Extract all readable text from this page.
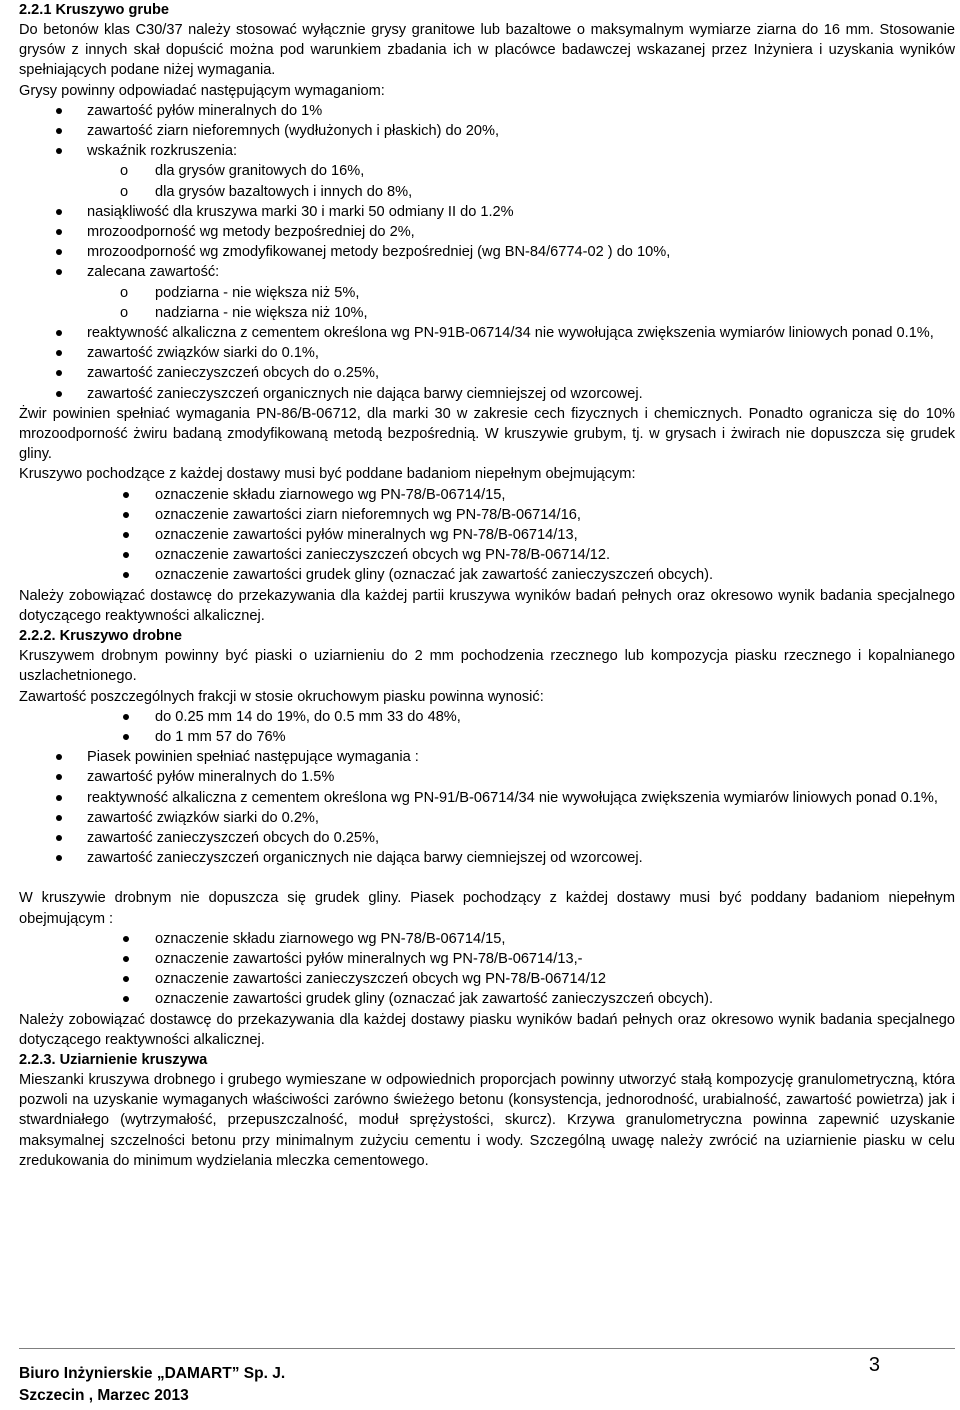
2.2.1 Kruszywo grube

Do betonów klas C30/37 należy stosować wyłącznie grysy granitowe lub bazaltowe o maksymalnym wymiarze ziarna do 16 mm. Stosowanie grysów z innych skał dopuścić można pod warunkiem zbadania ich w placówce badawczej wskazanej przez Inżyniera i uzyskania wyników spełniających podane niżej wymagania.

Grysy powinny odpowiadać następującym wymaganiom:

zawartość pyłów mineralnych do 1%
zawartość ziarn nieforemnych (wydłużonych i płaskich) do 20%,
wskaźnik rozkruszenia:
o dla grysów granitowych do 16%,
o dla grysów bazaltowych i innych do 8%,
nasiąkliwość dla kruszywa marki 30 i marki 50 odmiany II do 1.2%
mrozoodporność wg metody bezpośredniej do 2%,
mrozoodporność wg zmodyfikowanej metody bezpośredniej (wg BN-84/6774-02 ) do 10%,
zalecana zawartość:
o podziarna - nie większa niż 5%,
o nadziarna - nie większa niż 10%,
reaktywność alkaliczna z cementem określona wg PN-91B-06714/34 nie wywołująca zwiększenia wymiarów liniowych ponad 0.1%,
zawartość związków siarki do 0.1%,
zawartość zanieczyszczeń obcych do o.25%,
zawartość zanieczyszczeń organicznych nie dająca barwy ciemniejszej od wzorcowej.

Żwir powinien spełniać wymagania PN-86/B-06712, dla marki 30 w zakresie cech fizycznych i chemicznych. Ponadto ogranicza się do 10% mrozoodporność żwiru badaną zmodyfikowaną metodą bezpośrednią. W kruszywie grubym, tj. w grysach i żwirach nie dopuszcza się grudek gliny.

Kruszywo pochodzące z każdej dostawy musi być poddane badaniom niepełnym obejmującym:

oznaczenie składu ziarnowego wg PN-78/B-06714/15,
oznaczenie zawartości ziarn nieforemnych wg PN-78/B-06714/16,
oznaczenie zawartości pyłów mineralnych wg PN-78/B-06714/13,
oznaczenie zawartości zanieczyszczeń obcych wg PN-78/B-06714/12.
oznaczenie zawartości grudek gliny (oznaczać jak zawartość zanieczyszczeń obcych).

Należy zobowiązać dostawcę do przekazywania dla każdej partii kruszywa wyników badań pełnych oraz okresowo wynik badania specjalnego dotyczącego reaktywności alkalicznej.

2.2.2. Kruszywo drobne

Kruszywem drobnym powinny być piaski o uziarnieniu do 2 mm pochodzenia rzecznego lub kompozycja piasku rzecznego i kopalnianego uszlachetnionego.

Zawartość poszczególnych frakcji w stosie okruchowym piasku powinna wynosić:

do 0.25 mm 14 do 19%, do 0.5 mm 33 do 48%,
do 1 mm 57 do 76%
Piasek powinien spełniać następujące wymagania :
zawartość pyłów mineralnych do 1.5%
reaktywność alkaliczna z cementem określona wg PN-91/B-06714/34 nie wywołująca zwiększenia wymiarów liniowych ponad 0.1%,
zawartość związków siarki do 0.2%,
zawartość zanieczyszczeń obcych do 0.25%,
zawartość zanieczyszczeń organicznych nie dająca barwy ciemniejszej od wzorcowej.

W kruszywie drobnym nie dopuszcza się grudek gliny. Piasek pochodzący z każdej dostawy musi być poddany badaniom niepełnym obejmującym :

oznaczenie składu ziarnowego wg PN-78/B-06714/15,
oznaczenie zawartości pyłów mineralnych wg PN-78/B-06714/13,-
oznaczenie zawartości zanieczyszczeń obcych wg PN-78/B-06714/12
oznaczenie zawartości grudek gliny (oznaczać jak zawartość zanieczyszczeń obcych).

Należy zobowiązać dostawcę do przekazywania dla każdej dostawy piasku wyników badań pełnych oraz okresowo wynik badania specjalnego dotyczącego reaktywności alkalicznej.

2.2.3. Uziarnienie kruszywa

Mieszanki kruszywa drobnego i grubego wymieszane w odpowiednich proporcjach powinny utworzyć stałą kompozycję granulometryczną, która pozwoli na uzyskanie wymaganych właściwości zarówno świeżego betonu (konsystencja, jednorodność, urabialność, zawartość powietrza) jak i stwardniałego (wytrzymałość, przepuszczalność, moduł sprężystości, skurcz). Krzywa granulometryczna powinna zapewnić uzyskanie maksymalnej szczelności betonu przy minimalnym zużyciu cementu i wody. Szczególną uwagę należy zwrócić na uziarnienie piasku w celu zredukowania do minimum wydzielania mleczka cementowego.

Biuro Inżynierskie „DAMART” Sp. J.
Szczecin , Marzec 2013
3
